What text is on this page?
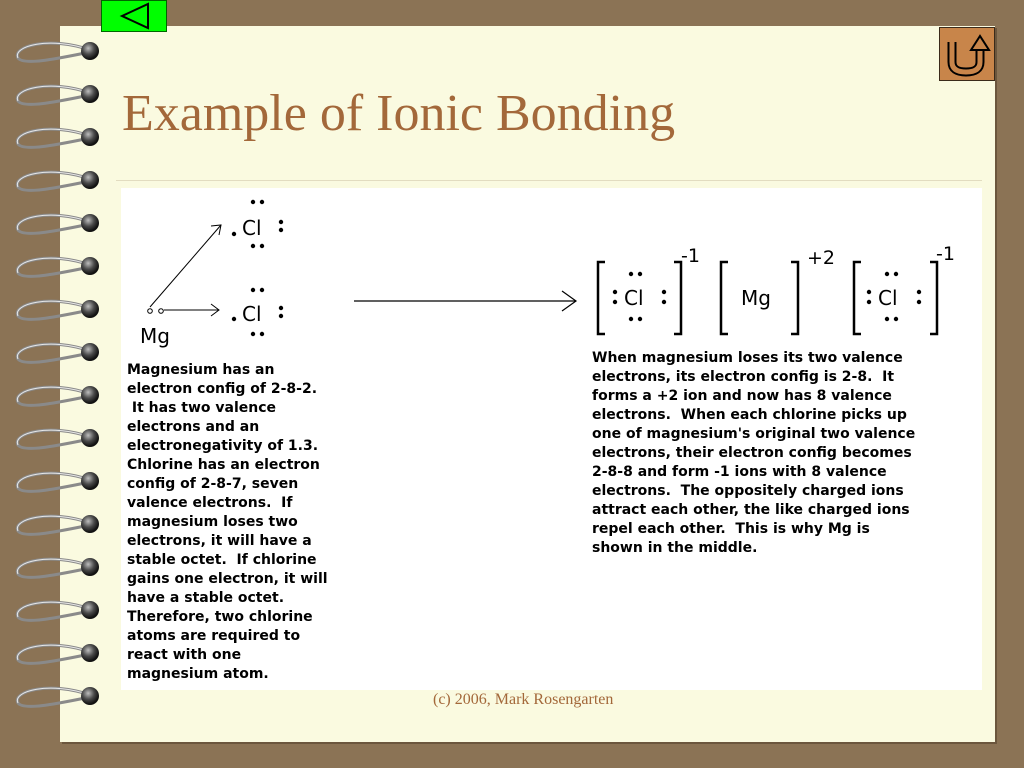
Example of Ionic Bonding
Cl
Cl
Mg
Cl
-1
Mg
+2
Cl
-1
Magnesium has an
electron config of 2-8-2.
It has two valence
electrons and an
electronegativity of 1.3.
Chlorine has an electron
config of 2-8-7, seven
valence electrons.  If
magnesium loses two
electrons, it will have a
stable octet.  If chlorine
gains one electron, it will
have a stable octet.
Therefore, two chlorine
atoms are required to
react with one
magnesium atom.
When magnesium loses its two valence
electrons, its electron config is 2-8.  It
forms a +2 ion and now has 8 valence
electrons.  When each chlorine picks up
one of magnesium's original two valence
electrons, their electron config becomes
2-8-8 and form -1 ions with 8 valence
electrons.  The oppositely charged ions
attract each other, the like charged ions
repel each other.  This is why Mg is
shown in the middle.
(c) 2006, Mark Rosengarten
